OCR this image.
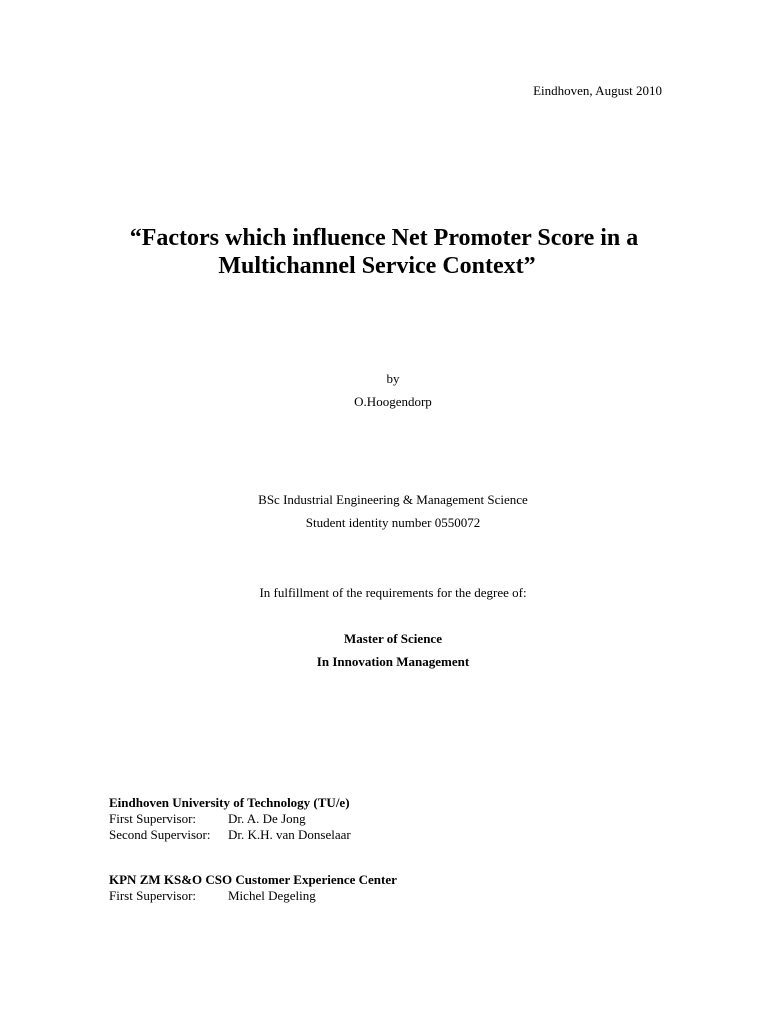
Eindhoven, August 2010
“Factors which influence Net Promoter Score in a
Multichannel Service Context”
by
O.Hoogendorp
BSc Industrial Engineering & Management Science
Student identity number 0550072
In fulfillment of the requirements for the degree of:
Master of Science
In Innovation Management
Eindhoven University of Technology (TU/e)
First Supervisor:	Dr. A. De Jong
Second Supervisor:	Dr. K.H. van Donselaar
KPN ZM KS&O CSO Customer Experience Center
First Supervisor:	Michel Degeling
